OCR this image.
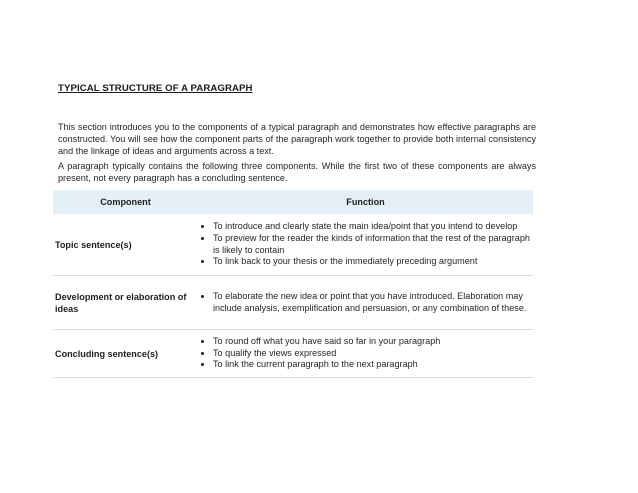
TYPICAL STRUCTURE OF A PARAGRAPH
This section introduces you to the components of a typical paragraph and demonstrates how effective paragraphs are constructed. You will see how the component parts of the paragraph work together to provide both internal consistency and the linkage of ideas and arguments across a text.
A paragraph typically contains the following three components. While the first two of these components are always present, not every paragraph has a concluding sentence.
Component	Function
Topic sentence(s)
To introduce and clearly state the main idea/point that you intend to develop
To preview for the reader the kinds of information that the rest of the paragraph is likely to contain
To link back to your thesis or the immediately preceding argument
Development or elaboration of ideas
To elaborate the new idea or point that you have introduced. Elaboration may include analysis, exemplification and persuasion, or any combination of these.
Concluding sentence(s)
To round off what you have said so far in your paragraph
To qualify the views expressed
To link the current paragraph to the next paragraph
